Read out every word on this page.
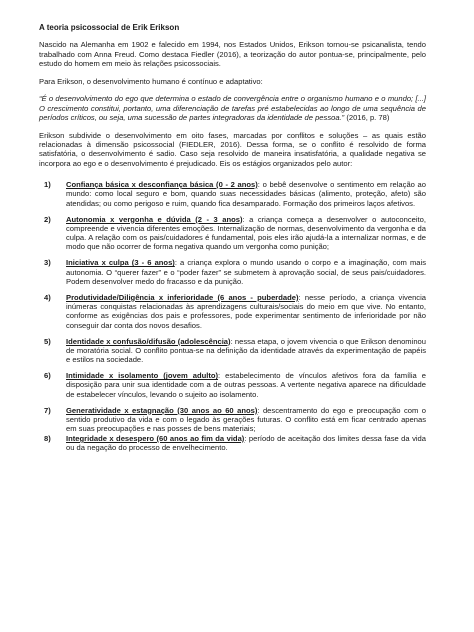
A teoria psicossocial de Erik Erikson

Nascido na Alemanha em 1902 e falecido em 1994, nos Estados Unidos, Erikson tornou-se psicanalista, tendo trabalhado com Anna Freud. Como destaca Fiedler (2016), a teorização do autor pontua-se, principalmente, pelo estudo do homem em meio às relações psicossociais.

Para Erikson, o desenvolvimento humano é contínuo e adaptativo:

“É o desenvolvimento do ego que determina o estado de convergência entre o organismo humano e o mundo; [...] O crescimento constitui, portanto, uma diferenciação de tarefas pré estabelecidas ao longo de uma sequência de períodos críticos, ou seja, uma sucessão de partes integradoras da identidade de pessoa.” (2016, p. 78)

Erikson subdivide o desenvolvimento em oito fases, marcadas por conflitos e soluções – as quais estão relacionadas à dimensão psicossocial (FIEDLER, 2016). Dessa forma, se o conflito é resolvido de forma satisfatória, o desenvolvimento é sadio. Caso seja resolvido de maneira insatisfatória, a qualidade negativa se incorpora ao ego e o desenvolvimento é prejudicado. Eis os estágios organizados pelo autor:

1)	Confiança básica x desconfiança básica (0 - 2 anos): o bebê desenvolve o sentimento em relação ao mundo: como local seguro e bom, quando suas necessidades básicas (alimento, proteção, afeto) são atendidas; ou como perigoso e ruim, quando fica desamparado. Formação dos primeiros laços afetivos.
2)	Autonomia x vergonha e dúvida (2 - 3 anos): a criança começa a desenvolver o autoconceito, compreende e vivencia diferentes emoções. Internalização de normas, desenvolvimento da vergonha e da culpa. A relação com os pais/cuidadores é fundamental, pois eles irão ajudá-la a internalizar normas, e de modo que não ocorrer de forma negativa quando um vergonha como punição;
3)	Iniciativa x culpa (3 - 6 anos): a criança explora o mundo usando o corpo e a imaginação, com mais autonomia. O “querer fazer” e o “poder fazer” se submetem à aprovação social, de seus pais/cuidadores. Podem desenvolver medo do fracasso e da punição.
4)	Produtividade/Diligência x inferioridade (6 anos - puberdade): nesse período, a criança vivencia inúmeras conquistas relacionadas às aprendizagens culturais/sociais do meio em que vive. No entanto, conforme as exigências dos pais e professores, pode experimentar sentimento de inferioridade por não conseguir dar conta dos novos desafios.
5)	Identidade x confusão/difusão (adolescência): nessa etapa, o jovem vivencia o que Erikson denominou de moratória social. O conflito pontua-se na definição da identidade através da experimentação de papéis e estilos na sociedade.
6)	Intimidade x isolamento (jovem adulto): estabelecimento de vínculos afetivos fora da família e disposição para unir sua identidade com a de outras pessoas. A vertente negativa aparece na dificuldade de estabelecer vínculos, levando o sujeito ao isolamento.
7)	Generatividade x estagnação (30 anos ao 60 anos): descentramento do ego e preocupação com o sentido produtivo da vida e com o legado às gerações futuras. O conflito está em ficar centrado apenas em suas preocupações e nas posses de bens materiais;
8)	Integridade x desespero (60 anos ao fim da vida): período de aceitação dos limites dessa fase da vida ou da negação do processo de envelhecimento.
